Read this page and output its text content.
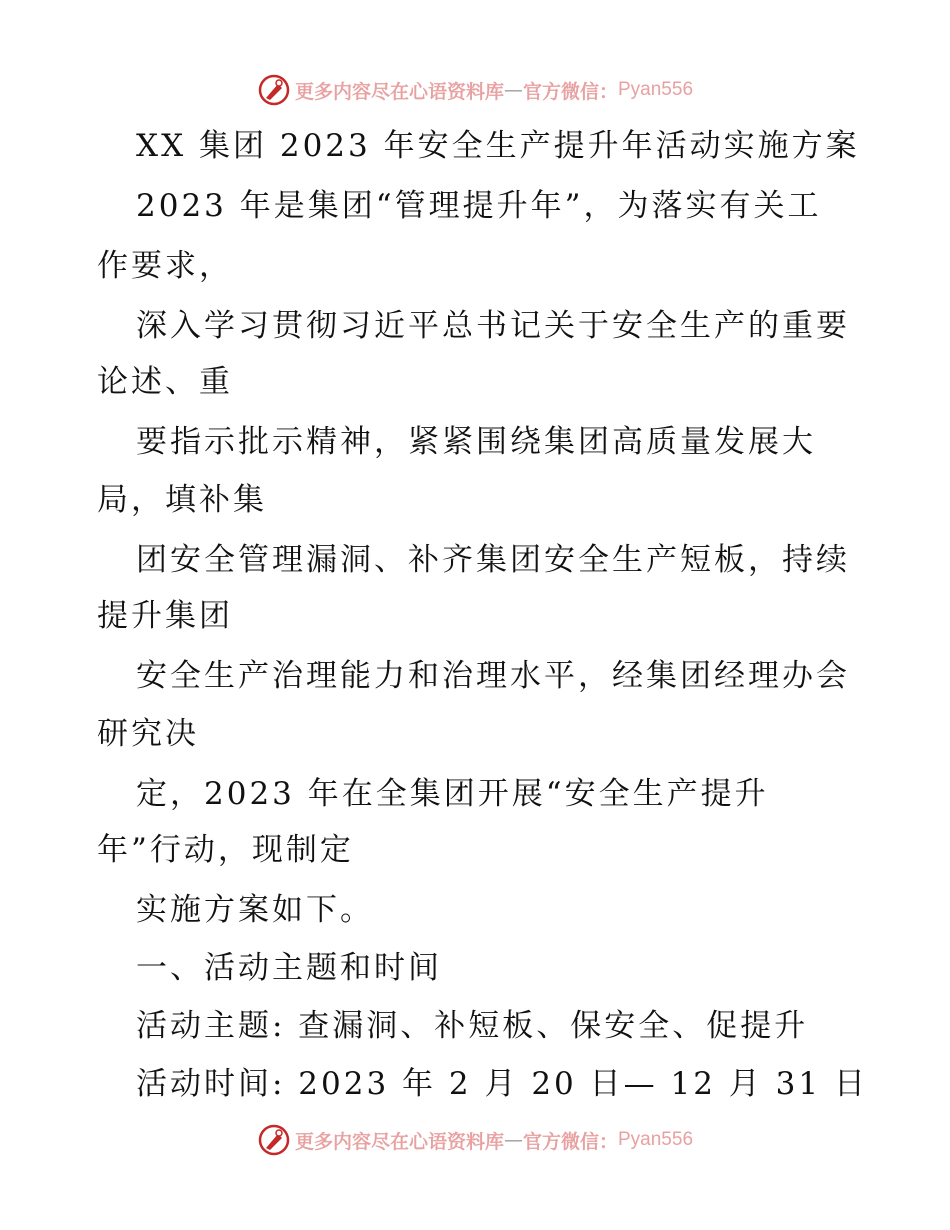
更多内容尽在心语资料库 — 官方微信： Pyan556
XX 集团 2023 年安全生产提升年活动实施方案
2023 年是集团“管理提升年”，为落实有关工
作要求，
深入学习贯彻习近平总书记关于安全生产的重要
论述、重
要指示批示精神，紧紧围绕集团高质量发展大
局，填补集
团安全管理漏洞、补齐集团安全生产短板，持续
提升集团
安全生产治理能力和治理水平，经集团经理办会
研究决
定，2023 年在全集团开展“安全生产提升
年”行动，现制定
实施方案如下。
一、活动主题和时间
活动主题: 查漏洞、补短板、保安全、促提升
活动时间: 2023 年 2 月 20 日— 12 月 31 日
更多内容尽在心语资料库 — 官方微信： Pyan556
